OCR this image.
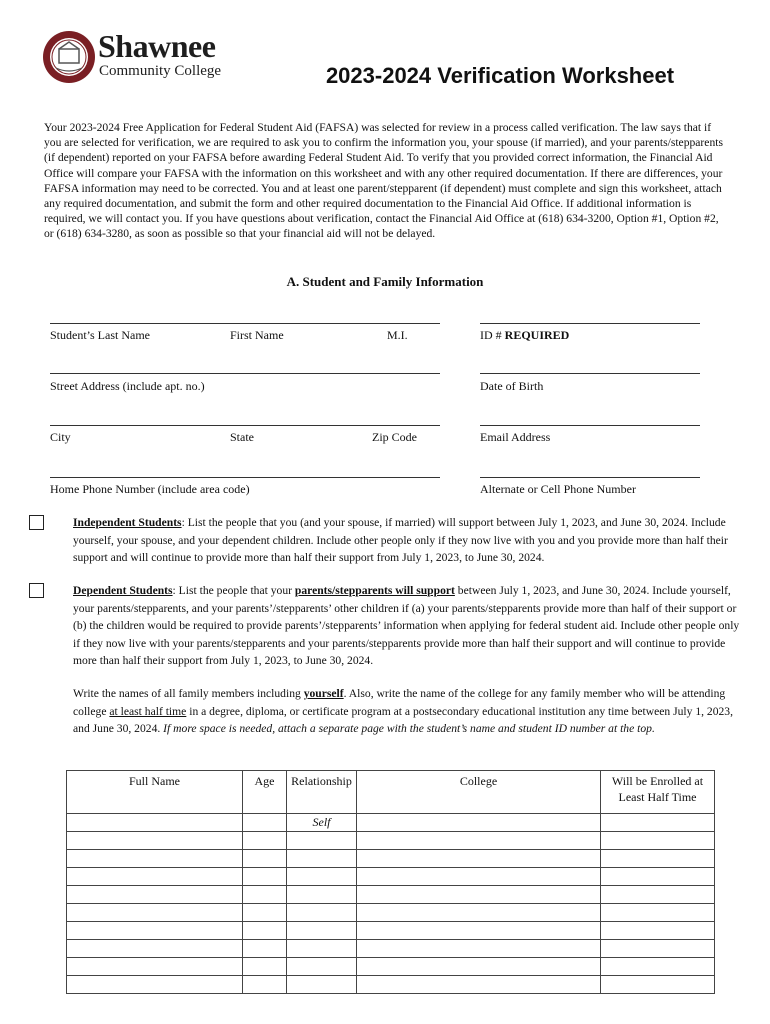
Shawnee
Community College	2023-2024 Verification Worksheet
Your 2023-2024 Free Application for Federal Student Aid (FAFSA) was selected for review in a process called verification. The law says that if you are selected for verification, we are required to ask you to confirm the information you, your spouse (if married), and your parents/stepparents (if dependent) reported on your FAFSA before awarding Federal Student Aid. To verify that you provided correct information, the Financial Aid Office will compare your FAFSA with the information on this worksheet and with any other required documentation. If there are differences, your FAFSA information may need to be corrected. You and at least one parent/stepparent (if dependent) must complete and sign this worksheet, attach any required documentation, and submit the form and other required documentation to the Financial Aid Office. If additional information is required, we will contact you. If you have questions about verification, contact the Financial Aid Office at (618) 634-3200, Option #1, Option #2, or (618) 634-3280, as soon as possible so that your financial aid will not be delayed.
A. Student and Family Information
Student’s Last Name	First Name	M.I.	ID # REQUIRED
Street Address (include apt. no.)	Date of Birth
City	State	Zip Code	Email Address
Home Phone Number (include area code)	Alternate or Cell Phone Number
Independent Students: List the people that you (and your spouse, if married) will support between July 1, 2023, and June 30, 2024. Include yourself, your spouse, and your dependent children. Include other people only if they now live with you and you provide more than half their support and will continue to provide more than half their support from July 1, 2023, to June 30, 2024.
Dependent Students: List the people that your parents/stepparents will support between July 1, 2023, and June 30, 2024. Include yourself, your parents/stepparents, and your parents’/stepparents’ other children if (a) your parents/stepparents provide more than half of their support or (b) the children would be required to provide parents’/stepparents’ information when applying for federal student aid. Include other people only if they now live with your parents/stepparents and your parents/stepparents provide more than half their support and will continue to provide more than half their support from July 1, 2023, to June 30, 2024.
Write the names of all family members including yourself. Also, write the name of the college for any family member who will be attending college at least half time in a degree, diploma, or certificate program at a postsecondary educational institution any time between July 1, 2023, and June 30, 2024. If more space is needed, attach a separate page with the student’s name and student ID number at the top.
Full Name	Age	Relationship	College	Will be Enrolled at Least Half Time
		Self		
